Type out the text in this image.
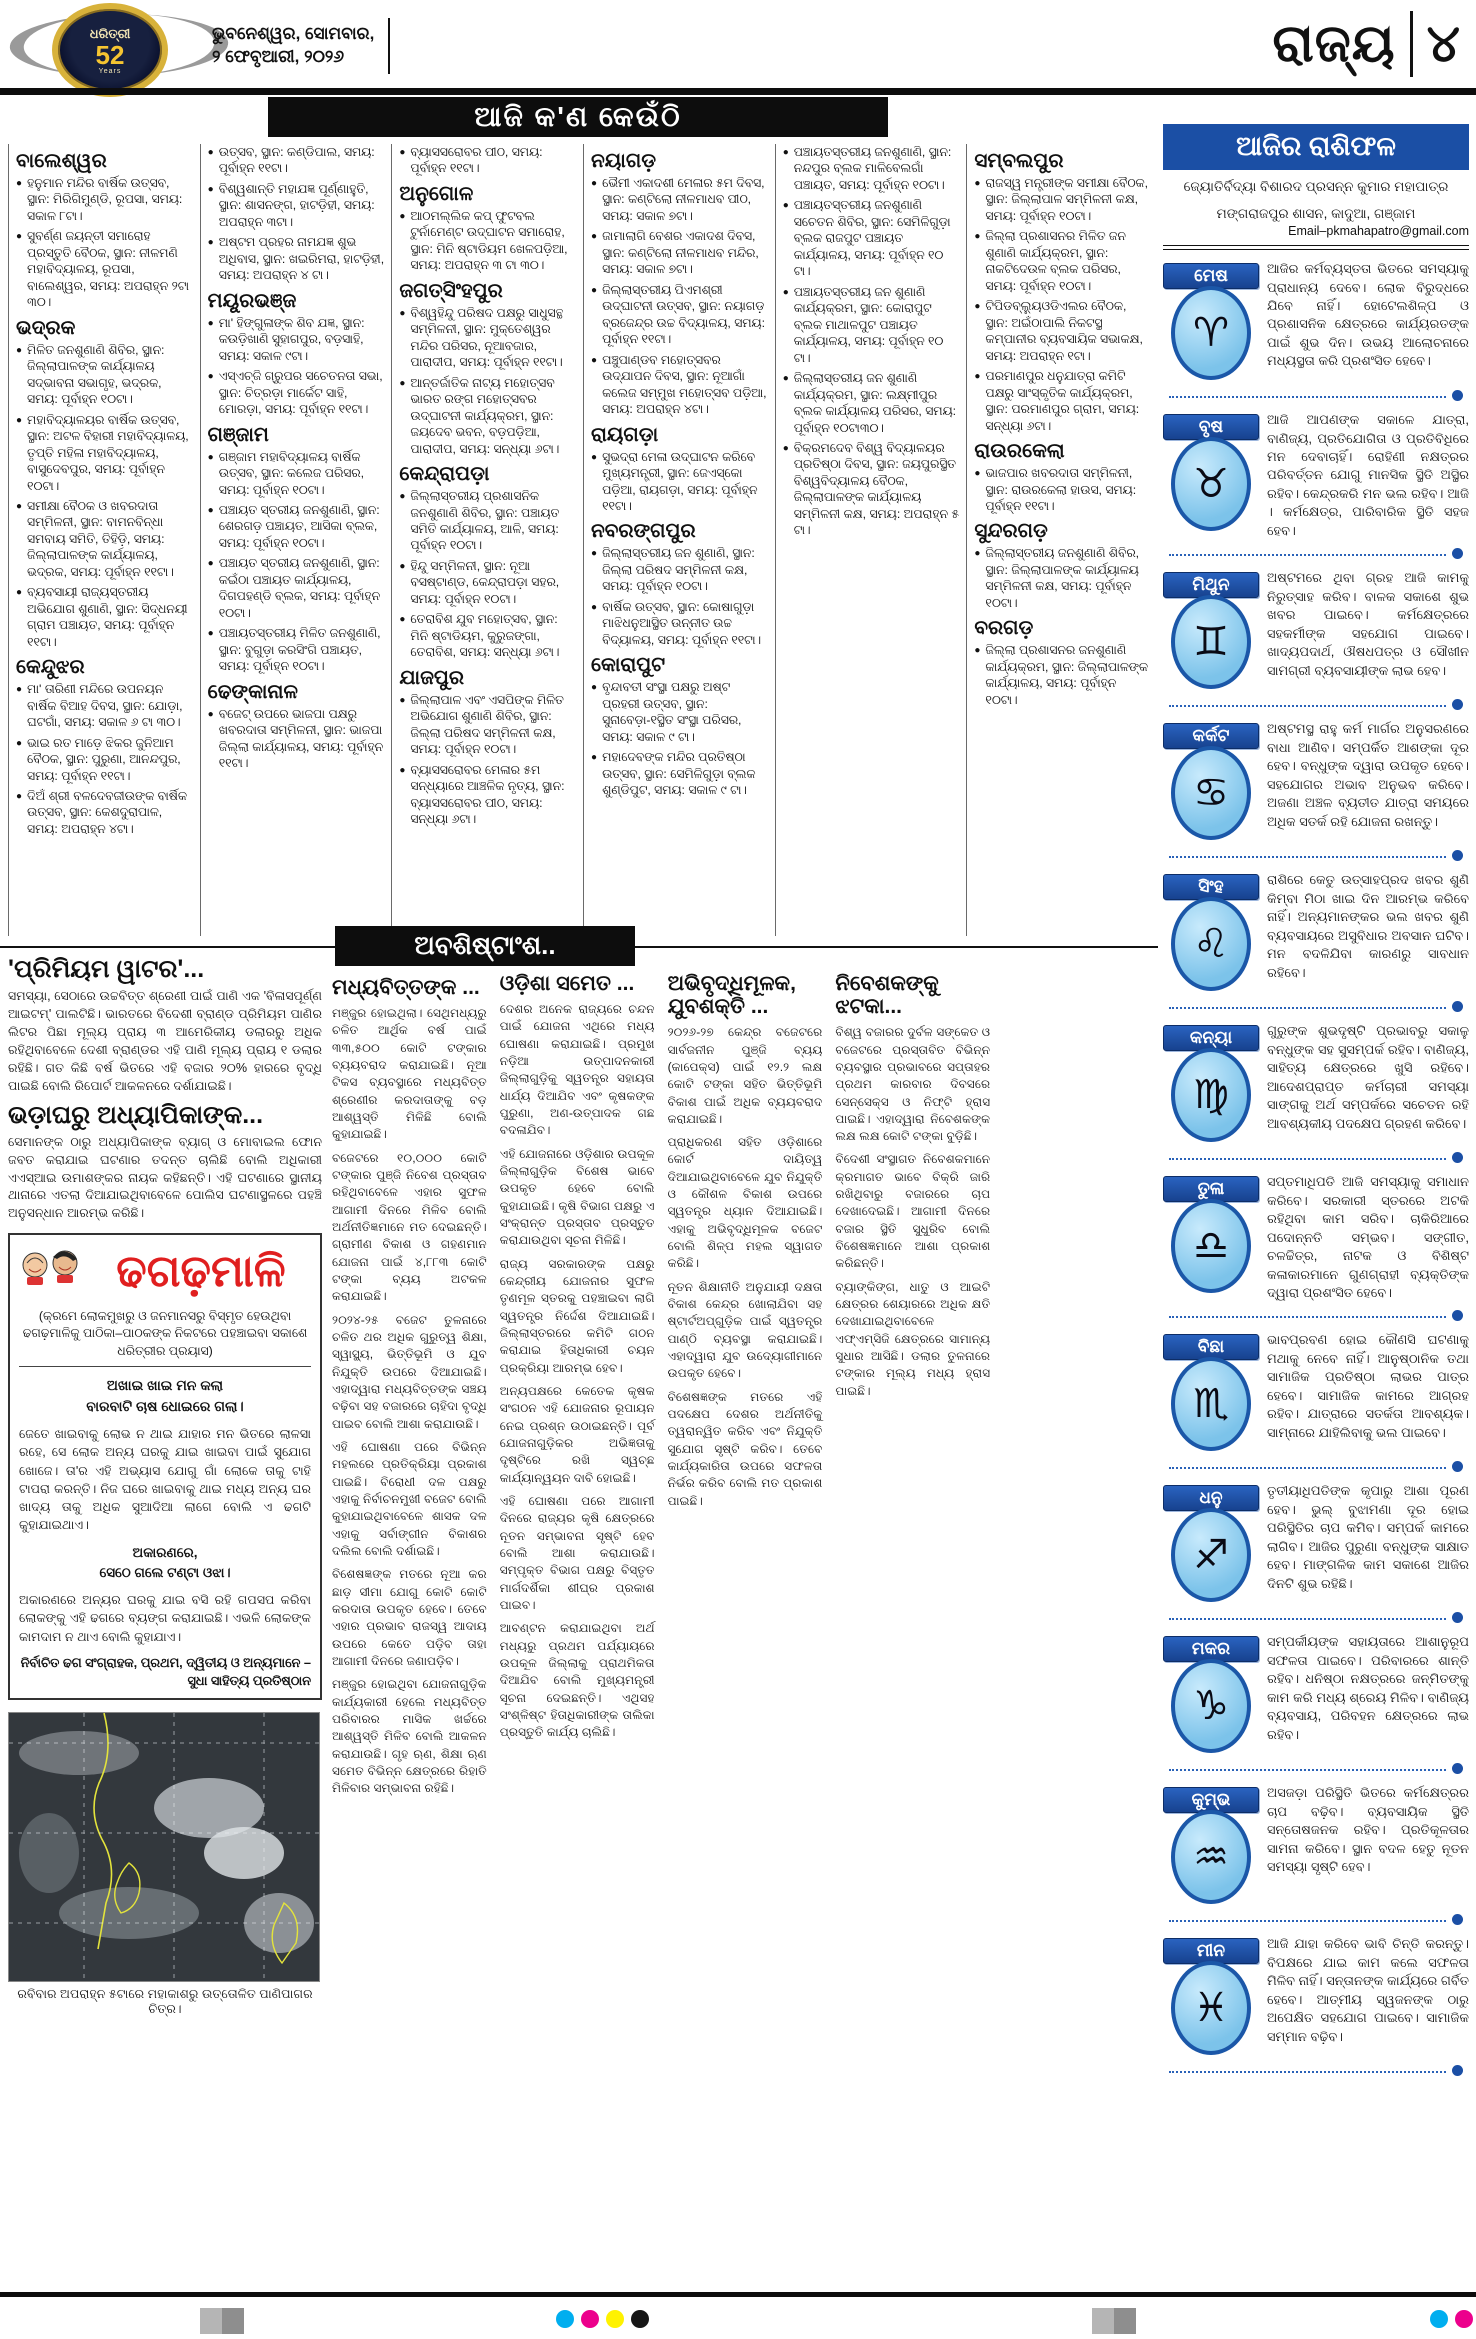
ଧରିତ୍ରୀ
52
Years
ଭୁବନେଶ୍ୱର, ସୋମବାର,
୨ ଫେବୃଆରୀ, ୨୦୨୬	ରାଜ୍ୟ ୪
ଆଜି କ'ଣ କେଉଁଠି
ବାଲେଶ୍ୱର
● ହନୁମାନ ମନ୍ଦିର ବାର୍ଷିକ ଉତ୍ସବ, ସ୍ଥାନ: ମିରିଗିମୁଣ୍ଡି, ରୂପସା, ସମୟ: ସକାଳ ୮ଟା।
● ସୁବର୍ଣ୍ଣ ଜୟନ୍ତୀ ସମାରୋହ ପ୍ରସ୍ତୁତି ବୈଠକ, ସ୍ଥାନ: ନୀଳମଣି ମହାବିଦ୍ୟାଳୟ, ରୂପସା, ବାଲେଶ୍ୱର, ସମୟ: ଅପରାହ୍ନ ୨ଟା ୩୦।
ଭଦ୍ରକ
● ମିଳିତ ଜନଶୁଣାଣି ଶିବିର, ସ୍ଥାନ: ଜିଲ୍ଲାପାଳଙ୍କ କାର୍ଯ୍ୟାଳୟ ସଦ୍ଭାବନା ସଭାଗୃହ, ଭଦ୍ରକ, ସମୟ: ପୂର୍ବାହ୍ନ ୧୦ଟା।
● ମହାବିଦ୍ୟାଳୟର ବାର୍ଷିକ ଉତ୍ସବ, ସ୍ଥାନ: ଅଟଳ ବିହାରୀ ମହାବିଦ୍ୟାଳୟ, ତୃପ୍ତି ମହିଳା ମହାବିଦ୍ୟାଳୟ, ବାସୁଦେବପୁର, ସମୟ: ପୂର୍ବାହ୍ନ ୧୦ଟା।
● ସମୀକ୍ଷା ବୈଠକ ଓ ଖବରଦାତା ସମ୍ମିଳନୀ, ସ୍ଥାନ: ବାମନବିନ୍ଧା ସମବାୟ ସମିତି, ତିହିଡ଼ି, ସମୟ: ଜିଲ୍ଲାପାଳଙ୍କ କାର୍ଯ୍ୟାଳୟ, ଭଦ୍ରକ, ସମୟ: ପୂର୍ବାହ୍ନ ୧୧ଟା।
● ବ୍ୟବସାୟୀ ରାଜ୍ୟସ୍ତରୀୟ ଅଭିଯୋଗ ଶୁଣାଣି, ସ୍ଥାନ: ସିଦ୍ଧନୟୀ ଗ୍ରାମ ପଞ୍ଚାୟତ, ସମୟ: ପୂର୍ବାହ୍ନ ୧୧ଟା।
କେନ୍ଦୁଝର
● ମା' ତାରିଣୀ ମନ୍ଦିରେ ଉପନୟନ ବାର୍ଷିକ ବିଆହ ଦିବସ, ସ୍ଥାନ: ଯୋଡ଼ା, ଘଟଗାଁ, ସମୟ: ସକାଳ ୬ ଟା ୩୦।
● ଭାଇ ରତ ମାଡ଼େ ଝିକର ଜୁନିଆମ ବୈଠକ, ସ୍ଥାନ: ପୁରୁଣା, ଆନନ୍ଦପୁର, ସମୟ: ପୂର୍ବାହ୍ନ ୧୧ଟା।
● ଦିଅଁ ଶ୍ରୀ ବଳଦେବଜୀଉଙ୍କ ବାର୍ଷିକ ଉତ୍ସବ, ସ୍ଥାନ: କେଶଦୁରାପାଳ, ସମୟ: ଅପରାହ୍ନ ୪ଟା।
● ଉତ୍ସବ, ସ୍ଥାନ: କଣ୍ଡିପାଲ, ସମୟ: ପୂର୍ବାହ୍ନ ୧୧ଟା।
● ବିଶ୍ୱଶାନ୍ତି ମହାଯଜ୍ଞ ପୂର୍ଣ୍ଣାହୁତି, ସ୍ଥାନ: ଶାସନଙ୍ଗ, ହାଟଡ଼ିହୀ, ସମୟ: ଅପରାହ୍ନ ୩ଟା।
● ଅଷ୍ଟମ ପ୍ରହର ନାମଯଜ୍ଞ ଶୁଭ ଅଧିବାସ, ସ୍ଥାନ: ଖଇରିମରା, ହାଟଡ଼ିହୀ, ସମୟ: ଅପରାହ୍ନ ୪ ଟା।
ମୟୂରଭଞ୍ଜ
● ମା' ହିଙ୍ଗୁଳାଙ୍କ ଶିବ ଯଜ୍ଞ, ସ୍ଥାନ: କଉଡ଼ିଖାଣି ସୁହାଗପୁର, ବଡ଼ସାହି, ସମୟ: ସକାଳ ୯ଟା।
● ଏସ୍‌ଏଚ୍‌ଜି ଗ୍ରୁପର ସଚେତନତା ସଭା, ସ୍ଥାନ: ଚିତ୍ରଡ଼ା ମାର୍କେଟ ସାହି, ମୋରଡ଼ା, ସମୟ: ପୂର୍ବାହ୍ନ ୧୧ଟା।
ଗଞ୍ଜାମ
● ଗଞ୍ଜାମ ମହାବିଦ୍ୟାଳୟ ବାର୍ଷିକ ଉତ୍ସବ, ସ୍ଥାନ: କଲେଜ ପରିସର, ସମୟ: ପୂର୍ବାହ୍ନ ୧୦ଟା।
● ପଞ୍ଚାୟତ ସ୍ତରୀୟ ଜନଶୁଣାଣି, ସ୍ଥାନ: ଶେରଗଡ଼ ପଞ୍ଚାୟତ, ଆସିକା ବ୍ଲକ, ସମୟ: ପୂର୍ବାହ୍ନ ୧୦ଟା।
● ପଞ୍ଚାୟତ ସ୍ତରୀୟ ଜନଶୁଣାଣି, ସ୍ଥାନ: କଇଁଠା ପଞ୍ଚାୟତ କାର୍ଯ୍ୟାଳୟ, ଦିଗପହଣ୍ଡି ବ୍ଲକ, ସମୟ: ପୂର୍ବାହ୍ନ ୧୦ଟା।
● ପଞ୍ଚାୟତସ୍ତରୀୟ ମିଳିତ ଜନଶୁଣାଣି, ସ୍ଥାନ: ବୁଗୁଡ଼ା କରସିଂଗି ପଞ୍ଚାୟତ, ସମୟ: ପୂର୍ବାହ୍ନ ୧୦ଟା।
ଢେଙ୍କାନାଳ
● ବଜେଟ୍ ଉପରେ ଭାଜପା ପକ୍ଷରୁ ଖବରଦାତା ସମ୍ମିଳନୀ, ସ୍ଥାନ: ଭାଜପା ଜିଲ୍ଲା କାର୍ଯ୍ୟାଳୟ, ସମୟ: ପୂର୍ବାହ୍ନ ୧୧ଟା।
● ବ୍ୟାସସରୋବର ପୀଠ, ସମୟ: ପୂର୍ବାହ୍ନ ୧୧ଟା।
ଅନୁଗୋଳ
● ଆଠମଲ୍ଲିକ କପ୍ ଫୁଟବଲ ଟୁର୍ନାମେଣ୍ଟ ଉଦ୍‌ଘାଟନ ସମାରୋହ, ସ୍ଥାନ: ମିନି ଷ୍ଟାଡିୟମ ଖେଳପଡ଼ିଆ, ସମୟ: ଅପରାହ୍ନ ୩ ଟା ୩୦।
ଜଗତ୍‌ସିଂହପୁର
● ବିଶ୍ୱହିନ୍ଦୁ ପରିଷଦ ପକ୍ଷରୁ ସାଧୁସନ୍ଥ ସମ୍ମିଳନୀ, ସ୍ଥାନ: ମୁକ୍ତେଶ୍ୱର ମନ୍ଦିର ପରିସର, ନୂଆବଜାର, ପାରାଦୀପ, ସମୟ: ପୂର୍ବାହ୍ନ ୧୧ଟା।
● ଆନ୍ତର୍ଜାତିକ ନାଟ୍ୟ ମହୋତ୍ସବ ଭାରତ ରଙ୍ଗ ମହୋତ୍ସବର ଉଦ୍‌ଘାଟନୀ କାର୍ଯ୍ୟକ୍ରମ, ସ୍ଥାନ: ଜୟଦେବ ଭବନ, ବଡ଼ପଡ଼ିଆ, ପାରାଦୀପ, ସମୟ: ସନ୍ଧ୍ୟା ୬ଟା।
କେନ୍ଦ୍ରାପଡ଼ା
● ଜିଲ୍ଲାସ୍ତରୀୟ ପ୍ରଶାସନିକ ଜନଶୁଣାଣି ଶିବିର, ସ୍ଥାନ: ପଞ୍ଚାୟତ ସମିତି କାର୍ଯ୍ୟାଳୟ, ଆଳି, ସମୟ: ପୂର୍ବାହ୍ନ ୧୦ଟା।
● ହିନ୍ଦୁ ସମ୍ମିଳନୀ, ସ୍ଥାନ: ନୂଆ ବସଷ୍ଟାଣ୍ଡ, କେନ୍ଦ୍ରାପଡ଼ା ସହର, ସମୟ: ପୂର୍ବାହ୍ନ ୧୦ଟା।
● ତେରାବିଶ ଯୁବ ମହୋତ୍ସବ, ସ୍ଥାନ: ମିନି ଷ୍ଟାଡିୟମ, କୁରୁଜଙ୍ଗା, ତେରାବିଶ, ସମୟ: ସନ୍ଧ୍ୟା ୬ଟା।
ଯାଜପୁର
● ଜିଲ୍ଲାପାଳ ଏବଂ ଏସପିଙ୍କ ମିଳିତ ଅଭିଯୋଗ ଶୁଣାଣି ଶିବିର, ସ୍ଥାନ: ଜିଲ୍ଲା ପରିଷଦ ସମ୍ମିଳନୀ କକ୍ଷ, ସମୟ: ପୂର୍ବାହ୍ନ ୧୦ଟା।
● ବ୍ୟାସସରୋବର ମେଳାର ୫ମ ସନ୍ଧ୍ୟାରେ ଆଞ୍ଚଳିକ ନୃତ୍ୟ, ସ୍ଥାନ: ବ୍ୟାସସରୋବର ପୀଠ, ସମୟ: ସନ୍ଧ୍ୟା ୬ଟା।
ନୟାଗଡ଼
● ଭୈମୀ ଏକାଦଶୀ ମେଳାର ୫ମ ଦିବସ, ସ୍ଥାନ: କଣ୍ଟିଲୋ ନୀଳମାଧବ ପୀଠ, ସମୟ: ସକାଳ ୭ଟା।
● ଜାମାଲାଗି ବେଶର ଏକାଦଶ ଦିବସ, ସ୍ଥାନ: କଣ୍ଟିଲୋ ନୀଳମାଧବ ମନ୍ଦିର, ସମୟ: ସକାଳ ୭ଟା।
● ଜିଲ୍ଲାସ୍ତରୀୟ ପିଏମଶ୍ରୀ ଉଦ୍‌ଘାଟନୀ ଉତ୍ସବ, ସ୍ଥାନ: ନୟାଗଡ଼ ବ୍ରଜେନ୍ଦ୍ର ଉଚ୍ଚ ବିଦ୍ୟାଳୟ, ସମୟ: ପୂର୍ବାହ୍ନ ୧୧ଟା।
● ପଞ୍ଚୁପାଣ୍ଡବ ମହୋତ୍ସବର ଉଦ୍‌ଯାପନ ଦିବସ, ସ୍ଥାନ: ନୂଆଗାଁ କଲେଜ ସମ୍ମୁଖ ମହୋତ୍ସବ ପଡ଼ିଆ, ସମୟ: ଅପରାହ୍ନ ୪ଟା।
ରାୟଗଡ଼ା
● ସୁଭଦ୍ରା ମେଳା ଉଦ୍‌ଘାଟନ କରିବେ ମୁଖ୍ୟମନ୍ତ୍ରୀ, ସ୍ଥାନ: ଜେଏସ୍‌କୋ ପଡ଼ିଆ, ରାୟଗଡ଼ା, ସମୟ: ପୂର୍ବାହ୍ନ ୧୧ଟା।
ନବରଙ୍ଗପୁର
● ଜିଲ୍ଲାସ୍ତରୀୟ ଜନ ଶୁଣାଣି, ସ୍ଥାନ: ଜିଲ୍ଲା ପରିଷଦ ସମ୍ମିଳନୀ କକ୍ଷ, ସମୟ: ପୂର୍ବାହ୍ନ ୧୦ଟା।
● ବାର୍ଷିକ ଉତ୍ସବ, ସ୍ଥାନ: କୋଷାଗୁଡ଼ା ମାଝିଧନୁଆସ୍ଥିତ ଉନ୍ନୀତ ଉଚ୍ଚ ବିଦ୍ୟାଳୟ, ସମୟ: ପୂର୍ବାହ୍ନ ୧୧ଟା।
କୋରାପୁଟ
● ବୃନ୍ଦାବତୀ ସଂସ୍ଥା ପକ୍ଷରୁ ଅଷ୍ଟ ପ୍ରହରୀ ଉତ୍ସବ, ସ୍ଥାନ: ସୁନାବେଡ଼ା-୧ସ୍ଥିତ ସଂସ୍ଥା ପରିସର, ସମୟ: ସକାଳ ୯ ଟା।
● ମହାଦେବଙ୍କ ମନ୍ଦିର ପ୍ରତିଷ୍ଠା ଉତ୍ସବ, ସ୍ଥାନ: ସେମିଳିଗୁଡ଼ା ବ୍ଲକ ଶୁଣ୍ଡିପୁଟ, ସମୟ: ସକାଳ ୯ ଟା।
● ପଞ୍ଚାୟତସ୍ତରୀୟ ଜନଶୁଣାଣି, ସ୍ଥାନ: ନନ୍ଦପୁର ବ୍ଲକ ମାଳିବେଲଗାଁ ପଞ୍ଚାୟତ, ସମୟ: ପୂର୍ବାହ୍ନ ୧୦ଟା।
● ପଞ୍ଚାୟତସ୍ତରୀୟ ଜନଶୁଣାଣି ସଚେତନ ଶିବିର, ସ୍ଥାନ: ସେମିଳିଗୁଡ଼ା ବ୍ଲକ ରାଜପୁଟ ପଞ୍ଚାୟତ କାର୍ଯ୍ୟାଳୟ, ସମୟ: ପୂର୍ବାହ୍ନ ୧୦ ଟା।
● ପଞ୍ଚାୟତସ୍ତରୀୟ ଜନ ଶୁଣାଣି କାର୍ଯ୍ୟକ୍ରମ, ସ୍ଥାନ: କୋରାପୁଟ ବ୍ଲକ ମାଥାଳପୁଟ ପଞ୍ଚାୟତ କାର୍ଯ୍ୟାଳୟ, ସମୟ: ପୂର୍ବାହ୍ନ ୧୦ ଟା।
● ଜିଲ୍ଲାସ୍ତରୀୟ ଜନ ଶୁଣାଣି କାର୍ଯ୍ୟକ୍ରମ, ସ୍ଥାନ: ଲକ୍ଷ୍ମୀପୁର ବ୍ଲକ କାର୍ଯ୍ୟାଳୟ ପରିସର, ସମୟ: ପୂର୍ବାହ୍ନ ୧୦ଟା୩୦।
● ବିକ୍ରମଦେବ ବିଶ୍ୱ ବିଦ୍ୟାଳୟର ପ୍ରତିଷ୍ଠା ଦିବସ, ସ୍ଥାନ: ଜୟପୁରସ୍ଥିତ ବିଶ୍ୱବିଦ୍ୟାଳୟ ବୈଠକ, ଜିଲ୍ଲାପାଳଙ୍କ କାର୍ଯ୍ୟାଳୟ ସମ୍ମିଳନୀ କକ୍ଷ, ସମୟ: ଅପରାହ୍ନ ୫ ଟା।
ସମ୍ବଲପୁର
● ରାଜସ୍ୱ ମନ୍ତ୍ରୀଙ୍କ ସମୀକ୍ଷା ବୈଠକ, ସ୍ଥାନ: ଜିଲ୍ଲାପାଳ ସମ୍ମିଳନୀ କକ୍ଷ, ସମୟ: ପୂର୍ବାହ୍ନ ୧୦ଟା।
● ଜିଲ୍ଲା ପ୍ରଶାସନର ମିଳିତ ଜନ ଶୁଣାଣି କାର୍ଯ୍ୟକ୍ରମ, ସ୍ଥାନ: ନାକଟିଦେଉଳ ବ୍ଲକ ପରିସର, ସମୟ: ପୂର୍ବାହ୍ନ ୧୦ଟା।
● ଟିପିଡବ୍ଲ୍ୟୁଓଡିଏଲର ବୈଠକ, ସ୍ଥାନ: ଅଇଁଠାପାଲି ନିକଟସ୍ଥ କମ୍ପାନୀର ବ୍ୟବସାୟିକ ସଭାକକ୍ଷ, ସମୟ: ଅପରାହ୍ନ ୧ଟା।
● ପରମାଣପୁର ଧନୁଯାତ୍ରା କମିଟି ପକ୍ଷରୁ ସାଂସ୍କୃତିକ କାର୍ଯ୍ୟକ୍ରମ, ସ୍ଥାନ: ପରମାଣପୁର ଗ୍ରାମ, ସମୟ: ସନ୍ଧ୍ୟା ୬ଟା।
ରାଉରକେଲା
● ଭାଜପାର ଖବରଦାତା ସମ୍ମିଳନୀ, ସ୍ଥାନ: ରାଉରକେଲା ହାଉସ, ସମୟ: ପୂର୍ବାହ୍ନ ୧୧ଟା।
ସୁନ୍ଦରଗଡ଼
● ଜିଲ୍ଲାସ୍ତରୀୟ ଜନଶୁଣାଣି ଶିବିର, ସ୍ଥାନ: ଜିଲ୍ଲାପାଳଙ୍କ କାର୍ଯ୍ୟାଳୟ ସମ୍ମିଳନୀ କକ୍ଷ, ସମୟ: ପୂର୍ବାହ୍ନ ୧୦ଟା।
ବରଗଡ଼
● ଜିଲ୍ଲା ପ୍ରଶାସନର ଜନଶୁଣାଣି କାର୍ଯ୍ୟକ୍ରମ, ସ୍ଥାନ: ଜିଲ୍ଲାପାଳଙ୍କ କାର୍ଯ୍ୟାଳୟ, ସମୟ: ପୂର୍ବାହ୍ନ ୧୦ଟା।
ଅବଶିଷ୍ଟାଂଶ..
'ପ୍ରିମିୟମ ୱାଟର'...

ସମସ୍ୟା, ସେଠାରେ ଉଚ୍ଚବିତ୍ତ ଶ୍ରେଣୀ ପାଇଁ ପାଣି ଏକ 'ବିଳାସପୂର୍ଣ୍ଣ ଆଇଟମ୍' ପାଲଟିଛି। ଭାରତରେ ବିଦେଶୀ ବ୍ରାଣ୍ଡ ପ୍ରିମିୟମ ପାଣିର ଲିଟର ପିଛା ମୂଲ୍ୟ ପ୍ରାୟ ୩ ଆମେରିକୀୟ ଡଲାରରୁ ଅଧିକ ରହିଥିବାବେଳେ ଦେଶୀ ବ୍ରାଣ୍ଡର ଏହି ପାଣି ମୂଲ୍ୟ ପ୍ରାୟ ୧ ଡଲାର ରହିଛି। ଗତ କିଛି ବର୍ଷ ଭିତରେ ଏହି ବଜାର ୨୦% ହାରରେ ବୃଦ୍ଧି ପାଇଛି ବୋଲି ରିପୋର୍ଟ ଆକଳନରେ ଦର୍ଶାଯାଇଛି।

ଭଡ଼ାଘରୁ ଅଧ୍ୟାପିକାଙ୍କ...

ସେମାନଙ୍କ ଠାରୁ ଅଧ୍ୟାପିକାଙ୍କ ବ୍ୟାଗ୍ ଓ ମୋବାଇଲ ଫୋନ ଜବତ କରାଯାଇ ଘଟଣାର ତଦନ୍ତ ଚାଲିଛି ବୋଲି ଅଧିକାରୀ ଏଏସ୍‌ଆଇ ଉମାଶଙ୍କର ନାୟକ କହିଛନ୍ତି। ଏହି ଘଟଣାରେ ସ୍ଥାନୀୟ ଥାନାରେ ଏତଲା ଦିଆଯାଇଥିବାବେଳେ ପୋଲିସ ଘଟଣାସ୍ଥଳରେ ପହଞ୍ଚି ଅନୁସନ୍ଧାନ ଆରମ୍ଭ କରିଛି।

ଢଗଢ଼ମାଳି
(କ୍ରମେ ଲୋକମୁଖରୁ ଓ ଜନମାନସରୁ ବିସ୍ମୃତ ହେଉଥିବା ଢଗଢ଼ମାଳିକୁ ପାଠିକା–ପାଠକଙ୍କ ନିକଟରେ ପହଞ୍ଚାଇବା ସକାଶେ ଧରିତ୍ରୀର ପ୍ରୟାସ)
ଅଖାଇ ଖାଇ ମନ କଲା
ବାରବାଟି ଚାଷ ଧୋଇରେ ଗଲା।
ଜେତେ ଖାଇବାକୁ ଲୋଭ ନ ଥାଇ ଯାହାର ମନ ଭିତରେ ଲାଳସା ରହେ, ସେ ଲୋକ ଅନ୍ୟ ଘରକୁ ଯାଇ ଖାଇବା ପାଇଁ ସୁଯୋଗ ଖୋଜେ। ତା'ର ଏହି ଅଭ୍ୟାସ ଯୋଗୁ ଗାଁ ଲୋକେ ତାକୁ ଟାହି ଟାପରା କରନ୍ତି। ନିଜ ଘରେ ଖାଇବାକୁ ଥାଇ ମଧ୍ୟ ଅନ୍ୟ ଘର ଖାଦ୍ୟ ତାକୁ ଅଧିକ ସୁଆଦିଆ ଲାଗେ ବୋଲି ଏ ଢଗଟି କୁହାଯାଇଥାଏ।
ଅକାରଣରେ,
ସେଠେ ଗଲେ ଟଣ୍ଟା ଓଝା।
ଅକାରଣରେ ଅନ୍ୟର ଘରକୁ ଯାଇ ବସି ରହି ଗପସପ କରିବା ଲୋକଙ୍କୁ ଏହି ଢଗରେ ବ୍ୟଙ୍ଗ କରାଯାଇଛି। ଏଭଳି ଲୋକଙ୍କ କାମଦାମ ନ ଥାଏ ବୋଲି କୁହାଯାଏ।
ନିର୍ବାଚିତ ଢଗ ସଂଗ୍ରାହକ, ପ୍ରଥମ, ଦ୍ୱିତୀୟ ଓ ଅନ୍ୟମାନେ – ସୁଧା ସାହିତ୍ୟ ପ୍ରତିଷ୍ଠାନ
ରବିବାର ଅପରାହ୍ନ ୫ଟାରେ ମହାକାଶରୁ ଉତ୍ତୋଳିତ ପାଣିପାଗର ଚିତ୍ର।
ମଧ୍ୟବିତ୍ତଙ୍କ ...

ମଞ୍ଜୁର ହୋଇଥିଲା। ସେଥିମଧ୍ୟରୁ ଚଳିତ ଆର୍ଥିକ ବର୍ଷ ପାଇଁ ୩୩,୫୦୦ କୋଟି ଟଙ୍କାର ବ୍ୟୟବରାଦ କରାଯାଇଛି। ନୂଆ ଟିକସ ବ୍ୟବସ୍ଥାରେ ମଧ୍ୟବିତ୍ତ ଶ୍ରେଣୀର କରଦାତାଙ୍କୁ ବଡ଼ ଆଶ୍ୱସ୍ତି ମିଳିଛି ବୋଲି କୁହାଯାଇଛି।

ବଜେଟରେ ୧୦,୦୦୦ କୋଟି ଟଙ୍କାର ପୁଞ୍ଜି ନିବେଶ ପ୍ରସ୍ତାବ ରହିଥିବାବେଳେ ଏହାର ସୁଫଳ ଆଗାମୀ ଦିନରେ ମିଳିବ ବୋଲି ଅର୍ଥନୀତିଜ୍ଞମାନେ ମତ ଦେଇଛନ୍ତି। ଗ୍ରାମୀଣ ବିକାଶ ଓ ଗହଣମାନ ଯୋଜନା ପାଇଁ ୪,୮୮୩ କୋଟି ଟଙ୍କା ବ୍ୟୟ ଅଟକଳ କରାଯାଇଛି।

୨୦୨୪-୨୫ ବଜେଟ ତୁଳନାରେ ଚଳିତ ଥର ଅଧିକ ଗୁରୁତ୍ୱ ଶିକ୍ଷା, ସ୍ୱାସ୍ଥ୍ୟ, ଭିତ୍ତିଭୂମି ଓ ଯୁବ ନିଯୁକ୍ତି ଉପରେ ଦିଆଯାଇଛି। ଏହାଦ୍ୱାରା ମଧ୍ୟବିତ୍ତଙ୍କ ସଞ୍ଚୟ ବଢ଼ିବା ସହ ବଜାରରେ ଚାହିଦା ବୃଦ୍ଧି ପାଇବ ବୋଲି ଆଶା କରାଯାଉଛି।

ଏହି ଘୋଷଣା ପରେ ବିଭିନ୍ନ ମହଲରେ ପ୍ରତିକ୍ରିୟା ପ୍ରକାଶ ପାଇଛି। ବିରୋଧୀ ଦଳ ପକ୍ଷରୁ ଏହାକୁ ନିର୍ବାଚନମୁଖୀ ବଜେଟ ବୋଲି କୁହାଯାଇଥିବାବେଳେ ଶାସକ ଦଳ ଏହାକୁ ସର୍ବାଙ୍ଗୀନ ବିକାଶର ଦଲିଲ ବୋଲି ଦର୍ଶାଇଛି।

ବିଶେଷଜ୍ଞଙ୍କ ମତରେ ନୂଆ କର ଛାଡ଼ ସୀମା ଯୋଗୁ କୋଟି କୋଟି କରଦାତା ଉପକୃତ ହେବେ। ତେବେ ଏହାର ପ୍ରଭାବ ରାଜସ୍ୱ ଆଦାୟ ଉପରେ କେତେ ପଡ଼ିବ ତାହା ଆଗାମୀ ଦିନରେ ଜଣାପଡ଼ିବ।

ମଞ୍ଜୁର ହୋଇଥିବା ଯୋଜନାଗୁଡ଼ିକ କାର୍ଯ୍ୟକାରୀ ହେଲେ ମଧ୍ୟବିତ୍ତ ପରିବାରର ମାସିକ ଖର୍ଚ୍ଚରେ ଆଶ୍ୱସ୍ତି ମିଳିବ ବୋଲି ଆକଳନ କରାଯାଉଛି। ଗୃହ ଋଣ, ଶିକ୍ଷା ଋଣ ସମେତ ବିଭିନ୍ନ କ୍ଷେତ୍ରରେ ରିହାତି ମିଳିବାର ସମ୍ଭାବନା ରହିଛି।

ଓଡ଼ିଶା ସମେତ ...

ଦେଶର ଅନେକ ରାଜ୍ୟରେ ଚନ୍ଦନ ପାଇଁ ଯୋଜନା ଏଥିରେ ମଧ୍ୟ ଘୋଷଣା କରାଯାଇଛି। ପ୍ରମୁଖ ନଡ଼ିଆ ଉତ୍ପାଦନକାରୀ ଜିଲ୍ଲାଗୁଡ଼ିକୁ ସ୍ୱତନ୍ତ୍ର ସହାୟତା ଧାର୍ଯ୍ୟ ଦିଆଯିବ ଏବଂ କୃଷକଙ୍କ ପୁରୁଣା, ଅଣ-ଉତ୍ପାଦକ ଗଛ ବଦଳାଯିବ।

ଏହି ଯୋଜନାରେ ଓଡ଼ିଶାର ଉପକୂଳ ଜିଲ୍ଲାଗୁଡ଼ିକ ବିଶେଷ ଭାବେ ଉପକୃତ ହେବେ ବୋଲି କୁହାଯାଇଛି। କୃଷି ବିଭାଗ ପକ୍ଷରୁ ଏ ସଂକ୍ରାନ୍ତ ପ୍ରସ୍ତାବ ପ୍ରସ୍ତୁତ କରାଯାଉଥିବା ସୂଚନା ମିଳିଛି।

ରାଜ୍ୟ ସରକାରଙ୍କ ପକ୍ଷରୁ କେନ୍ଦ୍ରୀୟ ଯୋଜନାର ସୁଫଳ ତୃଣମୂଳ ସ୍ତରକୁ ପହଞ୍ଚାଇବା ଲାଗି ସ୍ୱତନ୍ତ୍ର ନିର୍ଦ୍ଦେଶ ଦିଆଯାଇଛି। ଜିଲ୍ଲାସ୍ତରରେ କମିଟି ଗଠନ କରାଯାଇ ହିତାଧିକାରୀ ଚୟନ ପ୍ରକ୍ରିୟା ଆରମ୍ଭ ହେବ।

ଅନ୍ୟପକ୍ଷରେ କେତେକ କୃଷକ ସଂଗଠନ ଏହି ଯୋଜନାର ରୂପାୟନ ନେଇ ପ୍ରଶ୍ନ ଉଠାଇଛନ୍ତି। ପୂର୍ବ ଯୋଜନାଗୁଡ଼ିକର ଅଭିଜ୍ଞତାକୁ ଦୃଷ୍ଟିରେ ରଖି ସ୍ୱଚ୍ଛ କାର୍ଯ୍ୟାନ୍ୱୟନ ଦାବି ହୋଇଛି।

ଏହି ଘୋଷଣା ପରେ ଆଗାମୀ ଦିନରେ ରାଜ୍ୟର କୃଷି କ୍ଷେତ୍ରରେ ନୂତନ ସମ୍ଭାବନା ସୃଷ୍ଟି ହେବ ବୋଲି ଆଶା କରାଯାଉଛି। ସମ୍ପୃକ୍ତ ବିଭାଗ ପକ୍ଷରୁ ବିସ୍ତୃତ ମାର୍ଗଦର୍ଶିକା ଶୀଘ୍ର ପ୍ରକାଶ ପାଇବ।

ଆବଣ୍ଟନ କରାଯାଇଥିବା ଅର୍ଥ ମଧ୍ୟରୁ ପ୍ରଥମ ପର୍ଯ୍ୟାୟରେ ଉପକୂଳ ଜିଲ୍ଲାକୁ ପ୍ରାଥମିକତା ଦିଆଯିବ ବୋଲି ମୁଖ୍ୟମନ୍ତ୍ରୀ ସୂଚନା ଦେଇଛନ୍ତି। ଏଥିସହ ସଂଶ୍ଳିଷ୍ଟ ହିତାଧିକାରୀଙ୍କ ତାଲିକା ପ୍ରସ୍ତୁତି କାର୍ଯ୍ୟ ଚାଲିଛି।

ଅଭିବୃଦ୍ଧିମୂଳକ, ଯୁବଶକ୍ତି ...

୨୦୨୬-୨୭ କେନ୍ଦ୍ର ବଜେଟରେ ସାର୍ବଜନୀନ ପୁଞ୍ଜି ବ୍ୟୟ (କାପେକ୍ସ) ପାଇଁ ୧୨.୨ ଲକ୍ଷ କୋଟି ଟଙ୍କା ସହିତ ଭିତ୍ତିଭୂମି ବିକାଶ ପାଇଁ ଅଧିକ ବ୍ୟୟବରାଦ କରାଯାଇଛି।

ପ୍ରାଧିକରଣ ସହିତ ଓଡ଼ିଶାରେ କୋର୍ଟ ଦାୟିତ୍ୱ ଦିଆଯାଇଥିବାବେଳେ ଯୁବ ନିଯୁକ୍ତି ଓ କୌଶଳ ବିକାଶ ଉପରେ ସ୍ୱତନ୍ତ୍ର ଧ୍ୟାନ ଦିଆଯାଇଛି। ଏହାକୁ ଅଭିବୃଦ୍ଧିମୂଳକ ବଜେଟ ବୋଲି ଶିଳ୍ପ ମହଲ ସ୍ୱାଗତ କରିଛି।

ନୂତନ ଶିକ୍ଷାନୀତି ଅନୁଯାୟୀ ଦକ୍ଷତା ବିକାଶ କେନ୍ଦ୍ର ଖୋଲାଯିବା ସହ ଷ୍ଟାର୍ଟଅପ୍‌ଗୁଡ଼ିକ ପାଇଁ ସ୍ୱତନ୍ତ୍ର ପାଣ୍ଠି ବ୍ୟବସ୍ଥା କରାଯାଇଛି। ଏହାଦ୍ୱାରା ଯୁବ ଉଦ୍ୟୋଗୀମାନେ ଉପକୃତ ହେବେ।

ବିଶେଷଜ୍ଞଙ୍କ ମତରେ ଏହି ପଦକ୍ଷେପ ଦେଶର ଅର୍ଥନୀତିକୁ ତ୍ୱରାନ୍ୱିତ କରିବ ଏବଂ ନିଯୁକ୍ତି ସୁଯୋଗ ସୃଷ୍ଟି କରିବ। ତେବେ କାର୍ଯ୍ୟକାରିତା ଉପରେ ସଫଳତା ନିର୍ଭର କରିବ ବୋଲି ମତ ପ୍ରକାଶ ପାଇଛି।

ନିବେଶକଙ୍କୁ ଝଟକା...

ବିଶ୍ୱ ବଜାରର ଦୁର୍ବଳ ସଙ୍କେତ ଓ ବଜେଟରେ ପ୍ରସ୍ତାବିତ ବିଭିନ୍ନ ବ୍ୟବସ୍ଥାର ପ୍ରଭାବରେ ସପ୍ତାହର ପ୍ରଥମ କାରବାର ଦିବସରେ ସେନ୍‌ସେକ୍ସ ଓ ନିଫ୍‌ଟି ହ୍ରାସ ପାଇଛି। ଏହାଦ୍ୱାରା ନିବେଶକଙ୍କ ଲକ୍ଷ ଲକ୍ଷ କୋଟି ଟଙ୍କା ବୁଡ଼ିଛି।

ବିଦେଶୀ ସଂସ୍ଥାଗତ ନିବେଶକମାନେ କ୍ରମାଗତ ଭାବେ ବିକ୍ରି ଜାରି ରଖିଥିବାରୁ ବଜାରରେ ଚାପ ଦେଖାଦେଇଛି। ଆଗାମୀ ଦିନରେ ବଜାର ସ୍ଥିତି ସୁଧୁରିବ ବୋଲି ବିଶେଷଜ୍ଞମାନେ ଆଶା ପ୍ରକାଶ କରିଛନ୍ତି।

ବ୍ୟାଙ୍କିଙ୍ଗ, ଧାତୁ ଓ ଆଇଟି କ୍ଷେତ୍ରର ଶେୟାରରେ ଅଧିକ କ୍ଷତି ଦେଖାଯାଇଥିବାବେଳେ ଏଫ୍‌ଏମ୍‌ସିଜି କ୍ଷେତ୍ରରେ ସାମାନ୍ୟ ସୁଧାର ଆସିଛି। ଡଲାର ତୁଳନାରେ ଟଙ୍କାର ମୂଲ୍ୟ ମଧ୍ୟ ହ୍ରାସ ପାଇଛି।

ଆଜିର ରାଶିଫଳ
ଜ୍ୟୋତିର୍ବିଦ୍ୟା ବିଶାରଦ ପ୍ରସନ୍ନ କୁମାର ମହାପାତ୍ର
ମଙ୍ଗରାଜପୁର ଶାସନ, କାଦୁଆ, ଗଞ୍ଜାମ
Email–pkmahapatro@gmail.com
ମେଷ
♈
ଆଜିର କର୍ମବ୍ୟସ୍ତତା ଭିତରେ ସମସ୍ୟାକୁ ପ୍ରାଧାନ୍ୟ ଦେବେ। ଲୋକ ବିରୁଦ୍ଧରେ ଯିବେ ନାହିଁ। ହୋଟେଲଶିଳ୍ପ ଓ ପ୍ରଶାସନିକ କ୍ଷେତ୍ରରେ କାର୍ଯ୍ୟରତଙ୍କ ପାଇଁ ଶୁଭ ଦିନ। ଉଭୟ ଆଲୋଚନାରେ ମଧ୍ୟସ୍ଥତା କରି ପ୍ରଶଂସିତ ହେବେ।
ବୃଷ
♉
ଆଜି ଆପଣଙ୍କ ସକାଳେ ଯାତ୍ରା, ବାଣିଜ୍ୟ, ପ୍ରତିଯୋଗିତା ଓ ପ୍ରତିବିଧିରେ ମନ ଦେବାଚାହିଁ। ରୋହିଣୀ ନକ୍ଷତ୍ରର ପରିବର୍ତ୍ତନ ଯୋଗୁ ମାନସିକ ସ୍ଥିତି ଅସ୍ଥିର ରହିବ। କେନ୍ଦ୍ରକରି ମନ ଭଲ ରହିବ। ଆଜି । କର୍ମକ୍ଷେତ୍ର, ପାରିବାରିକ ସ୍ଥିତି ସହଜ ହେବ।
ମିଥୁନ
♊
ଅଷ୍ଟମରେ ଥିବା ଗ୍ରହ ଆଜି କାମକୁ ନିରୁତ୍ସାହ କରିବ। ବାଳକ ସକାଶେ ଶୁଭ ଖବର ପାଇବେ। କର୍ମକ୍ଷେତ୍ରରେ ସହକର୍ମୀଙ୍କ ସହଯୋଗ ପାଇବେ। ଖାଦ୍ୟପଦାର୍ଥ, ଔଷଧପତ୍ର ଓ ସୌଖୀନ ସାମଗ୍ରୀ ବ୍ୟବସାୟୀଙ୍କ ଲାଭ ହେବ।
କର୍କଟ
♋
ଅଷ୍ଟମସ୍ଥ ରାହୁ କର୍ମ ମାର୍ଗର ଅନୁସରଣରେ ବାଧା ଆଣିବ। ସମ୍ପର୍କିତ ଆଶଙ୍କା ଦୂର ହେବ। ବନ୍ଧୁଙ୍କ ଦ୍ୱାରା ଉପକୃତ ହେବେ। ସହଯୋଗର ଅଭାବ ଅନୁଭବ କରିବେ। ଅଜଣା ଅଞ୍ଚଳ ବ୍ୟତୀତ ଯାତ୍ରା ସମୟରେ ଅଧିକ ସତର୍କ ରହି ଯୋଜନା ରଖନ୍ତୁ।
ସିଂହ
♌
ରାଶିରେ କେତୁ ଉତ୍ସାହପ୍ରଦ ଖବର ଶୁଣି କିମ୍ବା ମିଠା ଖାଇ ଦିନ ଆରମ୍ଭ କରିବେ ନାହିଁ। ଅନ୍ୟମାନଙ୍କର ଭଲ ଖବର ଶୁଣି ବ୍ୟବସାୟରେ ଅସୁବିଧାର ଅବସାନ ଘଟିବ। ମନ ବଦଳିଯିବା କାରଣରୁ ସାବଧାନ ରହିବେ।
କନ୍ୟା
♍
ଗୁରୁଙ୍କ ଶୁଭଦୃଷ୍ଟି ପ୍ରଭାବରୁ ସକାଳୁ ବନ୍ଧୁଙ୍କ ସହ ସୁସମ୍ପର୍କ ରହିବ। ବାଣିଜ୍ୟ, ସାହିତ୍ୟ କ୍ଷେତ୍ରରେ ଖୁସି ରହିବେ। ଆଦେଶପ୍ରାପ୍ତ କର୍ମଚାରୀ ସମସ୍ୟା ସାଙ୍ଗକୁ ଅର୍ଥ ସମ୍ପର୍କରେ ସଚେତନ ରହି ଆବଶ୍ୟକୀୟ ପଦକ୍ଷେପ ଗ୍ରହଣ କରିବେ।
ତୁଳା
♎
ସପ୍ତମାଧିପତି ଆଜି ସମସ୍ୟାକୁ ସମାଧାନ କରିବେ। ସରକାରୀ ସ୍ତରରେ ଅଟକି ରହିଥିବା କାମ ସରିବ। ଚାକିରିଆରେ ପଦୋନ୍ନତି ସମ୍ଭବ। ସଙ୍ଗୀତ, ଚଳଚ୍ଚିତ୍ର, ନାଟକ ଓ ବିଶିଷ୍ଟ କଳାକାରମାନେ ଗୁଣଗ୍ରାହୀ ବ୍ୟକ୍ତିଙ୍କ ଦ୍ୱାରା ପ୍ରଶଂସିତ ହେବେ।
ବିଛା
♏
ଭାବପ୍ରବଣ ହୋଇ କୌଣସି ଘଟଣାକୁ ମଥାକୁ ନେବେ ନାହିଁ। ଆନୁଷ୍ଠାନିକ ତଥା ସାମାଜିକ ପ୍ରତିଷ୍ଠା ଲାଭର ପାତ୍ର ହେବେ। ସାମାଜିକ କାମରେ ଆଗ୍ରହ ରହିବ। ଯାତ୍ରାରେ ସତର୍କତା ଆବଶ୍ୟକ। ସାମ୍ନାରେ ଯାହିଲିବାକୁ ଭଲ ପାଇବେ।
ଧନୁ
♐
ତୃତୀୟାଧିପତିଙ୍କ କୃପାରୁ ଆଶା ପୂରଣ ହେବ। ଭୁଲ୍ ବୁଝାମଣା ଦୂର ହୋଇ ପରିସ୍ଥିତିର ଚାପ କମିବ। ସମ୍ପର୍କ କାମରେ ଲାଗିବ। ଆଜିର ପୁରୁଣା ବନ୍ଧୁଙ୍କ ସାକ୍ଷାତ ହେବ। ମାଙ୍ଗଳିକ କାମ ସକାଶେ ଆଜିର ଦିନଟି ଶୁଭ ରହିଛି।
ମକର
♑
ସମ୍ପର୍କୀୟଙ୍କ ସହାୟତାରେ ଆଶାନୁରୂପ ସଫଳତା ପାଇବେ। ପରିବାରରେ ଶାନ୍ତି ରହିବ। ଧନିଷ୍ଠା ନକ୍ଷତ୍ରରେ ଜନ୍ମିତଙ୍କୁ କାମ କରି ମଧ୍ୟ ଶ୍ରେୟ ମିଳିବ। ବାଣିଜ୍ୟ ବ୍ୟବସାୟ, ପରିବହନ କ୍ଷେତ୍ରରେ ଲାଭ ରହିବ।
କୁମ୍ଭ
♒
ଅସଜଡ଼ା ପରିସ୍ଥିତି ଭିତରେ କର୍ମକ୍ଷେତ୍ରର ଚାପ ବଢ଼ିବ। ବ୍ୟବସାୟିକ ସ୍ଥିତି ସନ୍ତୋଷଜନକ ରହିବ। ପ୍ରତିକୂଳତାର ସାମନା କରିବେ। ସ୍ଥାନ ବଦଳ ହେତୁ ନୂତନ ସମସ୍ୟା ସୃଷ୍ଟି ହେବ।
ମୀନ
♓
ଆଜି ଯାହା କରିବେ ଭାବି ଚିନ୍ତି କରନ୍ତୁ। ବିପକ୍ଷରେ ଯାଇ କାମ କଲେ ସଫଳତା ମିଳିବ ନାହିଁ। ସନ୍ତାନଙ୍କ କାର୍ଯ୍ୟରେ ଗର୍ବିତ ହେବେ। ଆତ୍ମୀୟ ସ୍ୱଜନଙ୍କ ଠାରୁ ଅପେକ୍ଷିତ ସହଯୋଗ ପାଇବେ। ସାମାଜିକ ସମ୍ମାନ ବଢ଼ିବ।
